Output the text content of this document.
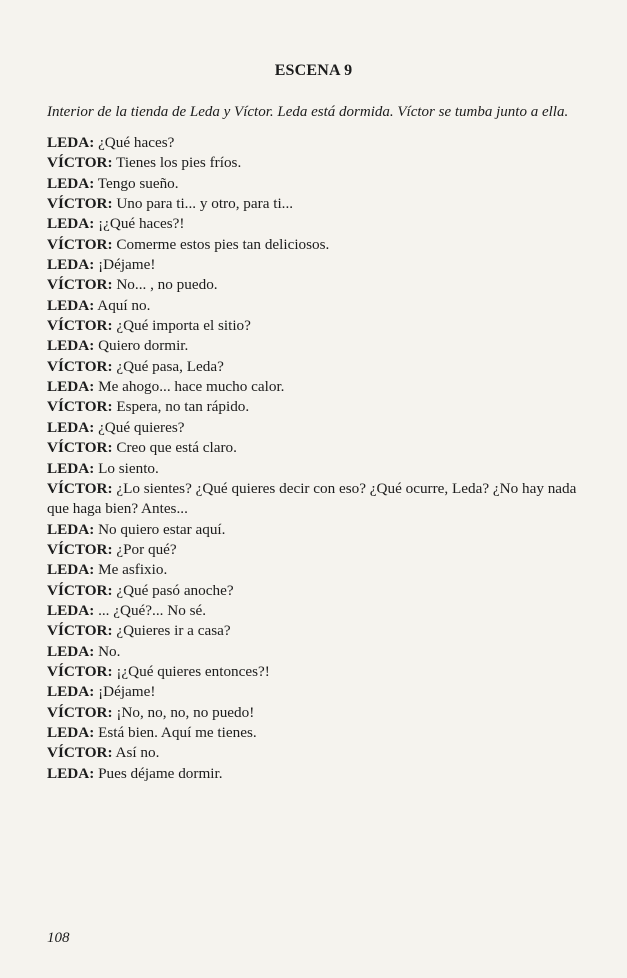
ESCENA 9

Interior de la tienda de Leda y Víctor. Leda está dormida. Víctor se tumba junto a ella.

LEDA: ¿Qué haces?
VÍCTOR: Tienes los pies fríos.
LEDA: Tengo sueño.
VÍCTOR: Uno para ti... y otro, para ti...
LEDA: ¡¿Qué haces?!
VÍCTOR: Comerme estos pies tan deliciosos.
LEDA: ¡Déjame!
VÍCTOR: No... , no puedo.
LEDA: Aquí no.
VÍCTOR: ¿Qué importa el sitio?
LEDA: Quiero dormir.
VÍCTOR: ¿Qué pasa, Leda?
LEDA: Me ahogo... hace mucho calor.
VÍCTOR: Espera, no tan rápido.
LEDA: ¿Qué quieres?
VÍCTOR: Creo que está claro.
LEDA: Lo siento.
VÍCTOR: ¿Lo sientes? ¿Qué quieres decir con eso? ¿Qué ocurre, Leda? ¿No hay nada que haga bien? Antes...
LEDA: No quiero estar aquí.
VÍCTOR: ¿Por qué?
LEDA: Me asfixio.
VÍCTOR: ¿Qué pasó anoche?
LEDA: ... ¿Qué?... No sé.
VÍCTOR: ¿Quieres ir a casa?
LEDA: No.
VÍCTOR: ¡¿Qué quieres entonces?!
LEDA: ¡Déjame!
VÍCTOR: ¡No, no, no, no puedo!
LEDA: Está bien. Aquí me tienes.
VÍCTOR: Así no.
LEDA: Pues déjame dormir.

108
